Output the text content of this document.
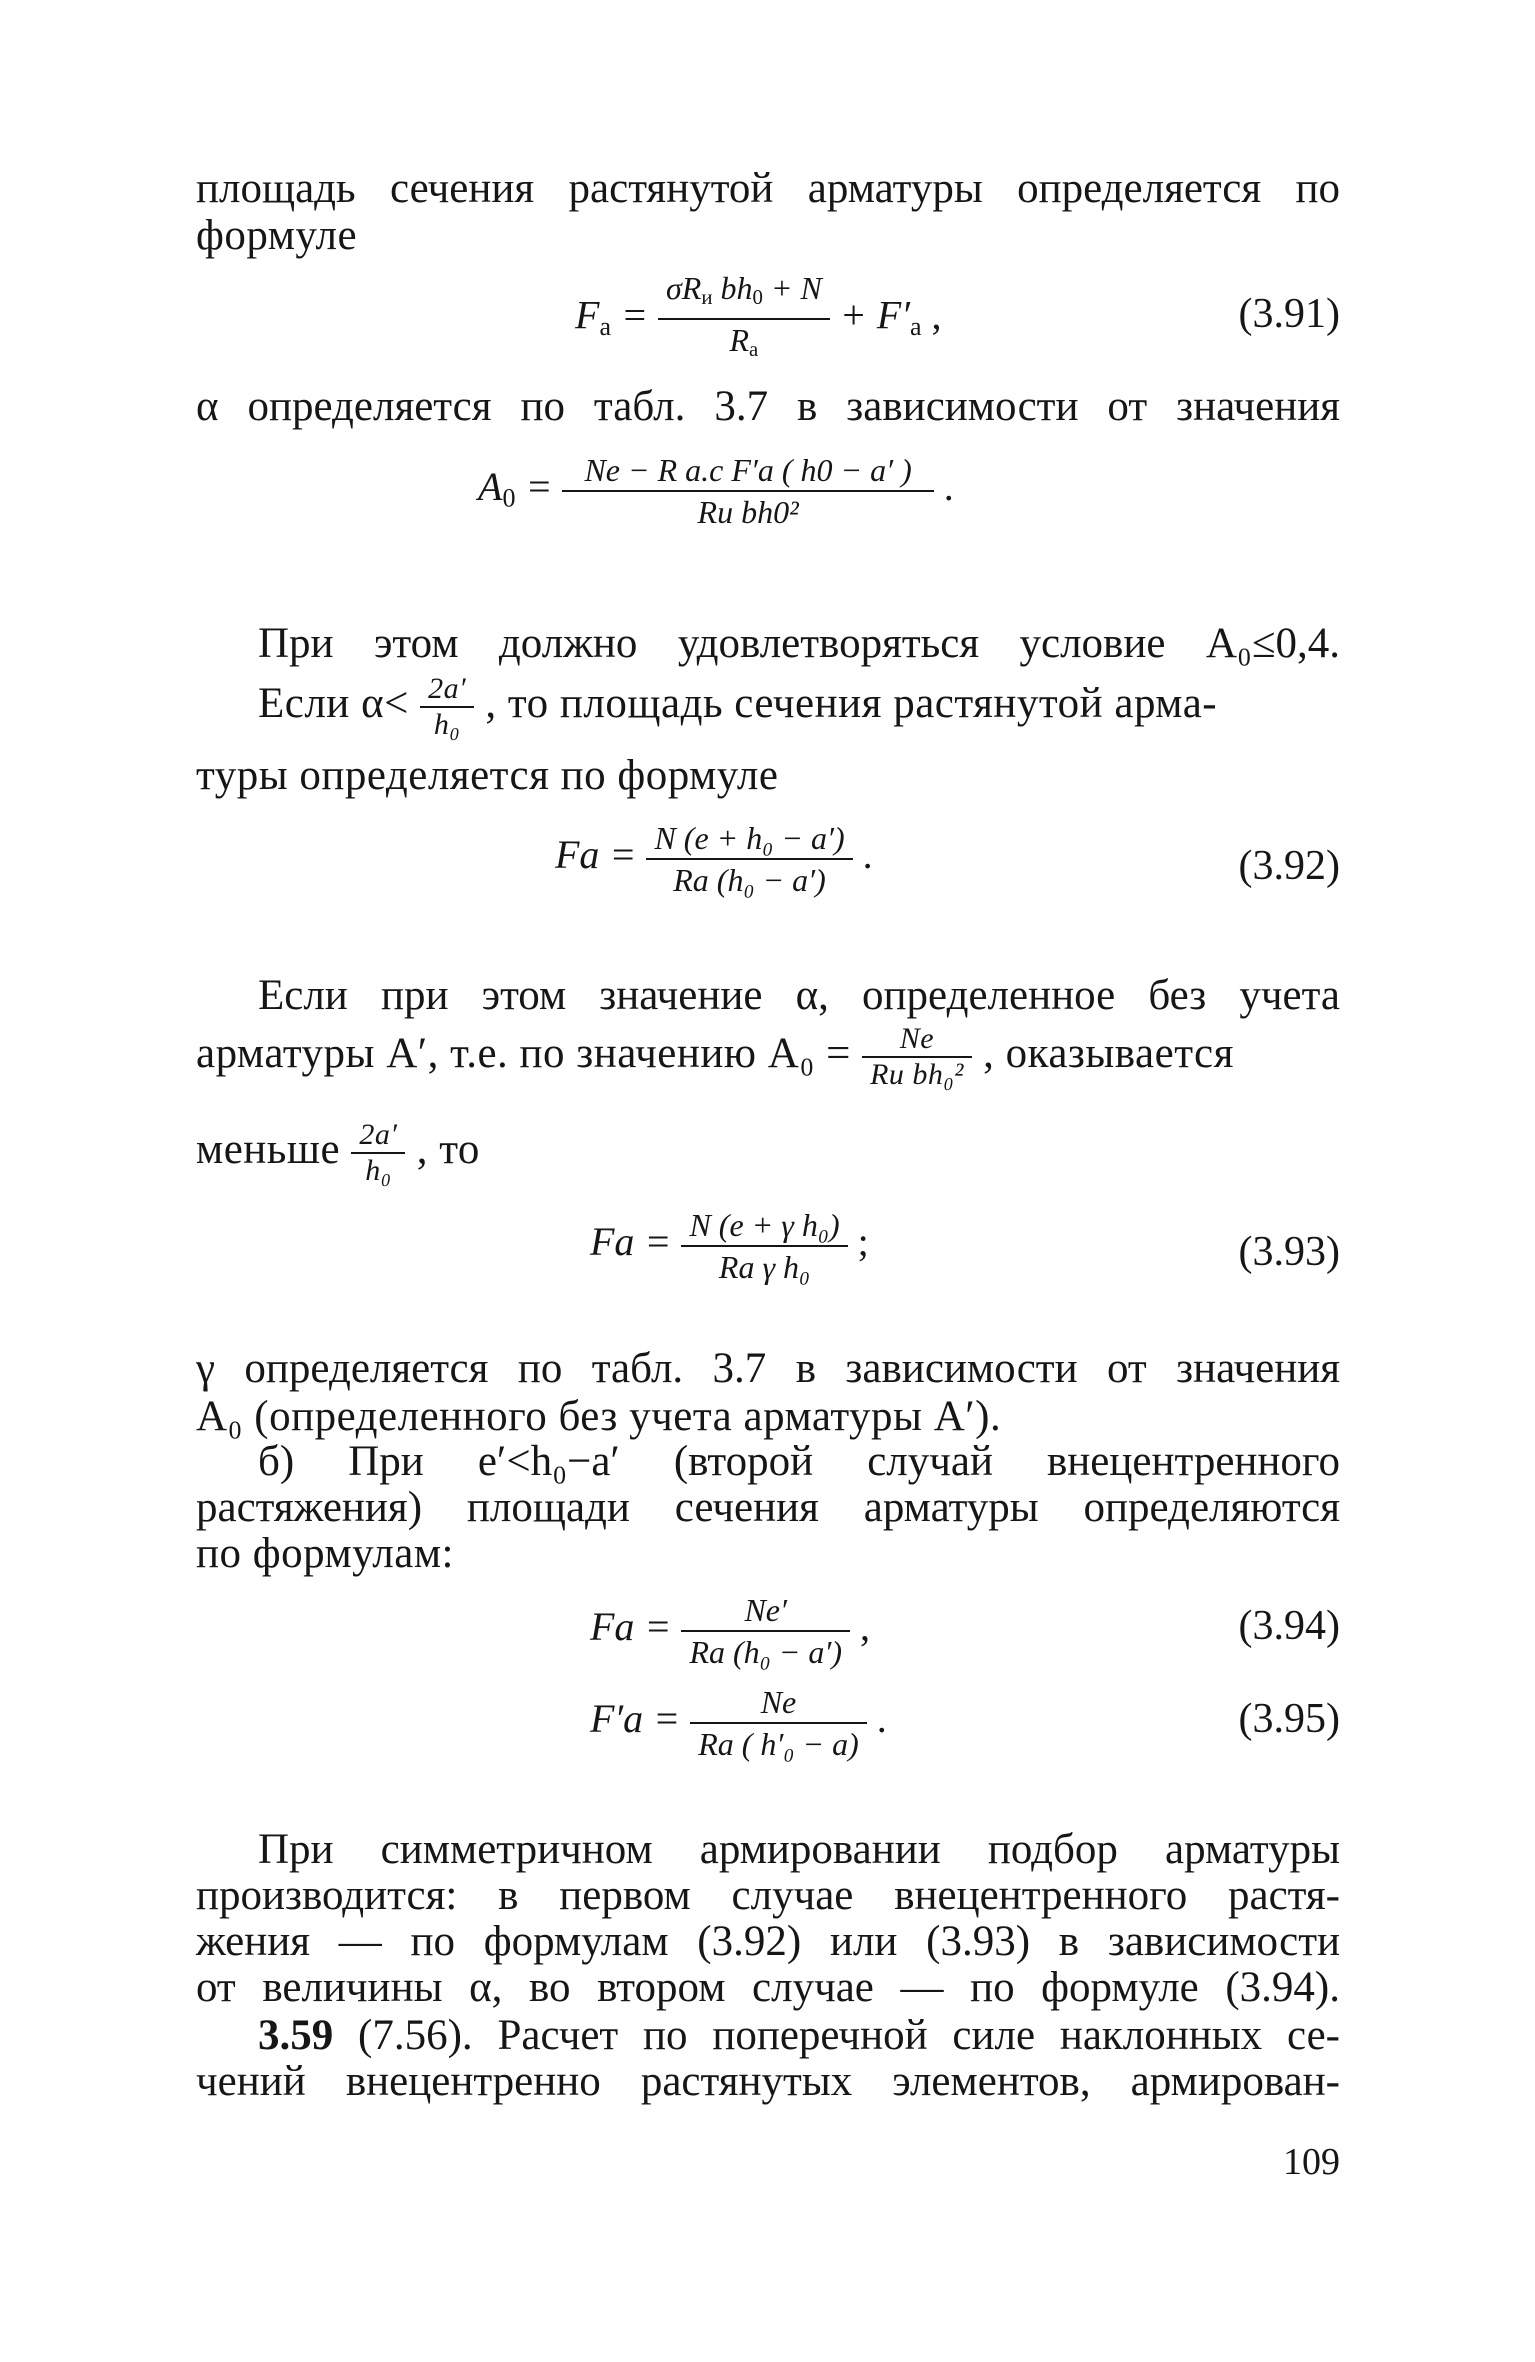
площадь сечения растянутой арматуры определяется по
формуле
$F_а = \frac{\sigma R_и bh_0 + N}{R_а} + F'_а$ ,	(3.91)
α определяется по табл. 3.7 в зависимости от значения
$A_0 = \frac{\text{Ne − R а.с F′а ( h0 − a′ )}}{\text{Rи bh0²}}$ .
При этом должно удовлетворяться условие A₀≤0,4.
Если $\alpha< \frac{2a'}{\text{h₀}}$ , то площадь сечения растянутой арма-
туры определяется по формуле
Fа = $\frac{\text{N (e + h₀ − a′)}}{\text{Rа (h₀ − a′)}}$ .	(3.92)
Если при этом значение α, определенное без учета
арматуры A′, т.е. по значению $A_0 = \frac{Ne}{\text{Rи bh₀²}}$ , оказывается
меньше $\frac{2a'}{\text{h₀}}$ , то
Fа = $\frac{\text{N (e + γ h₀)}}{\text{Rа γ h₀}}$ ;	(3.93)
γ определяется по табл. 3.7 в зависимости от значения
A₀ (определенного без учета арматуры A′).
б) При e′<h₀−a′ (второй случай внецентренного
растяжения) площади сечения арматуры определяются
по формулам:
Fа = $\frac{Ne'}{\text{Rа (h₀ − a′)}}$ ,	(3.94)
$F'а = \frac{Ne}{\text{Rа ( h′₀ − a)}}$ .	(3.95)
При симметричном армировании подбор арматуры
производится: в первом случае внецентренного растя-
жения — по формулам (3.92) или (3.93) в зависимости
от величины α, во втором случае — по формуле (3.94).
3.59 (7.56). Расчет по поперечной силе наклонных се-
чений внецентренно растянутых элементов, армирован-
109
